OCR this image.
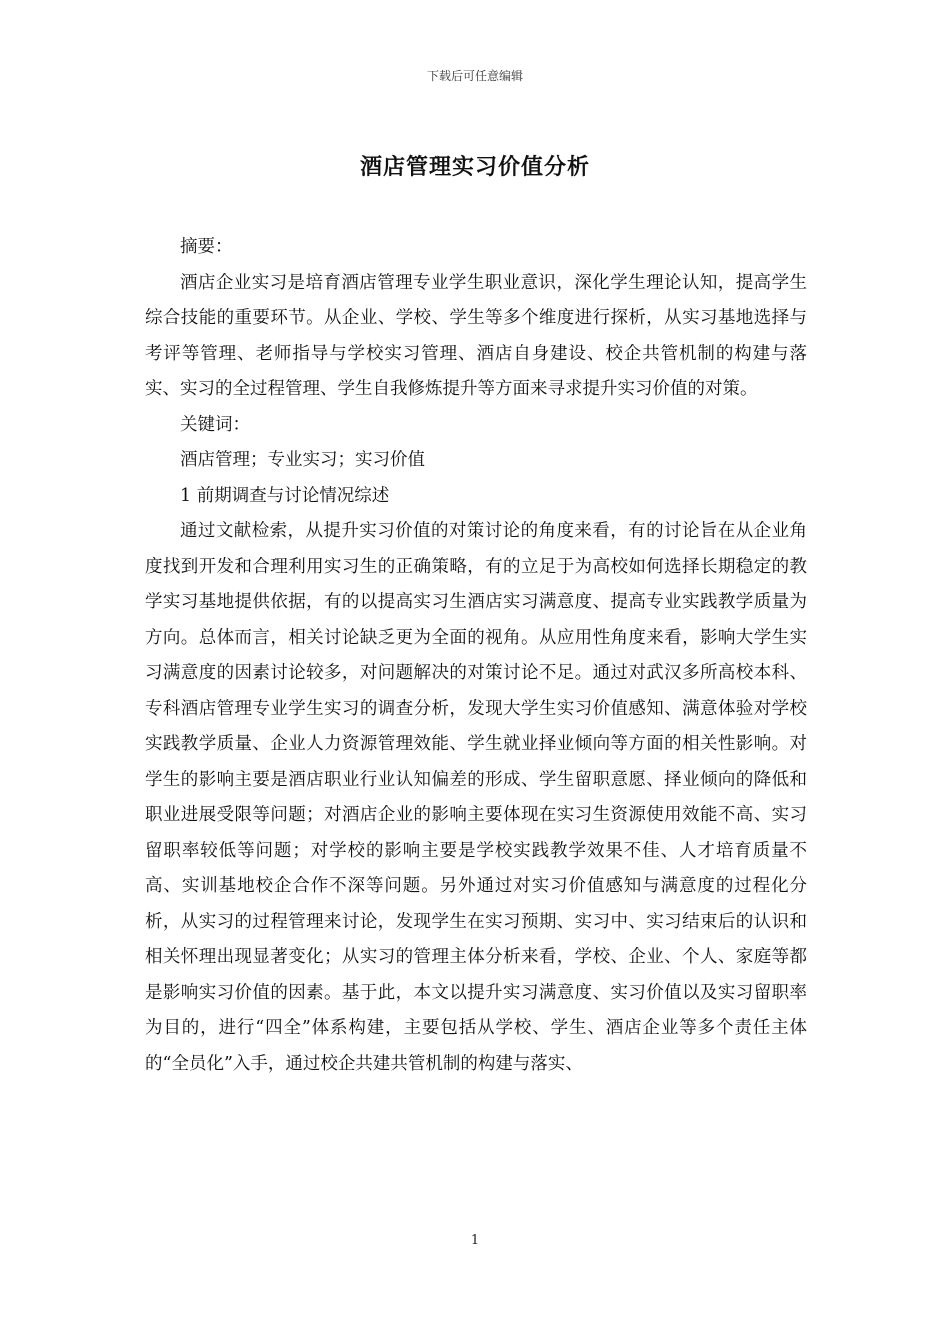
下载后可任意编辑
酒店管理实习价值分析

摘要：

酒店企业实习是培育酒店管理专业学生职业意识，深化学生理论认知，提高学生综合技能的重要环节。从企业、学校、学生等多个维度进行探析，从实习基地选择与考评等管理、老师指导与学校实习管理、酒店自身建设、校企共管机制的构建与落实、实习的全过程管理、学生自我修炼提升等方面来寻求提升实习价值的对策。

关键词：

酒店管理；专业实习；实习价值

1 前期调查与讨论情况综述

通过文献检索，从提升实习价值的对策讨论的角度来看，有的讨论旨在从企业角度找到开发和合理利用实习生的正确策略，有的立足于为高校如何选择长期稳定的教学实习基地提供依据，有的以提高实习生酒店实习满意度、提高专业实践教学质量为方向。总体而言，相关讨论缺乏更为全面的视角。从应用性角度来看，影响大学生实习满意度的因素讨论较多，对问题解决的对策讨论不足。通过对武汉多所高校本科、专科酒店管理专业学生实习的调查分析，发现大学生实习价值感知、满意体验对学校实践教学质量、企业人力资源管理效能、学生就业择业倾向等方面的相关性影响。对学生的影响主要是酒店职业行业认知偏差的形成、学生留职意愿、择业倾向的降低和职业进展受限等问题；对酒店企业的影响主要体现在实习生资源使用效能不高、实习留职率较低等问题；对学校的影响主要是学校实践教学效果不佳、人才培育质量不高、实训基地校企合作不深等问题。另外通过对实习价值感知与满意度的过程化分析，从实习的过程管理来讨论，发现学生在实习预期、实习中、实习结束后的认识和相关怀理出现显著变化；从实习的管理主体分析来看，学校、企业、个人、家庭等都是影响实习价值的因素。基于此，本文以提升实习满意度、实习价值以及实习留职率为目的，进行“四全”体系构建，主要包括从学校、学生、酒店企业等多个责任主体的“全员化”入手，通过校企共建共管机制的构建与落实、

1
